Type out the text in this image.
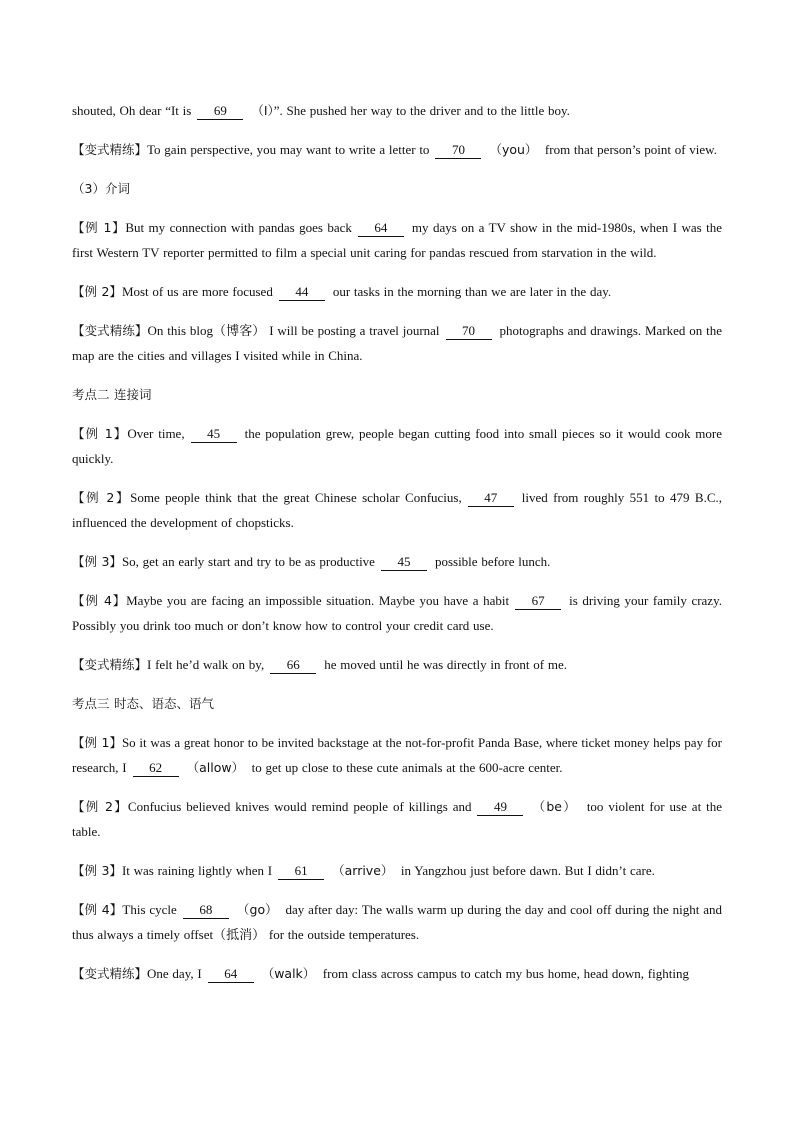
shouted, Oh dear “It is 69 （I）”. She pushed her way to the driver and to the little boy.

【变式精练】To gain perspective, you may want to write a letter to 70 （you） from that person’s point of view.

（3）介词

【例 1】But my connection with pandas goes back 64 my days on a TV show in the mid-1980s, when I was the first Western TV reporter permitted to film a special unit caring for pandas rescued from starvation in the wild.

【例 2】Most of us are more focused 44 our tasks in the morning than we are later in the day.

【变式精练】On this blog（博客） I will be posting a travel journal 70 photographs and drawings. Marked on the map are the cities and villages I visited while in China.

考点二 连接词

【例 1】Over time, 45 the population grew, people began cutting food into small pieces so it would cook more quickly.

【例 2】Some people think that the great Chinese scholar Confucius, 47 lived from roughly 551 to 479 B.C., influenced the development of chopsticks.

【例 3】So, get an early start and try to be as productive 45 possible before lunch.

【例 4】Maybe you are facing an impossible situation. Maybe you have a habit 67 is driving your family crazy. Possibly you drink too much or don’t know how to control your credit card use.

【变式精练】I felt he’d walk on by, 66 he moved until he was directly in front of me.

考点三 时态、语态、语气

【例 1】So it was a great honor to be invited backstage at the not-for-profit Panda Base, where ticket money helps pay for research, I 62 （allow） to get up close to these cute animals at the 600-acre center.

【例 2】Confucius believed knives would remind people of killings and 49 （be） too violent for use at the table.

【例 3】It was raining lightly when I 61 （arrive） in Yangzhou just before dawn. But I didn’t care.

【例 4】This cycle 68 （go） day after day: The walls warm up during the day and cool off during the night and thus always a timely offset（抵消） for the outside temperatures.

【变式精练】One day, I 64 （walk） from class across campus to catch my bus home, head down, fighting
